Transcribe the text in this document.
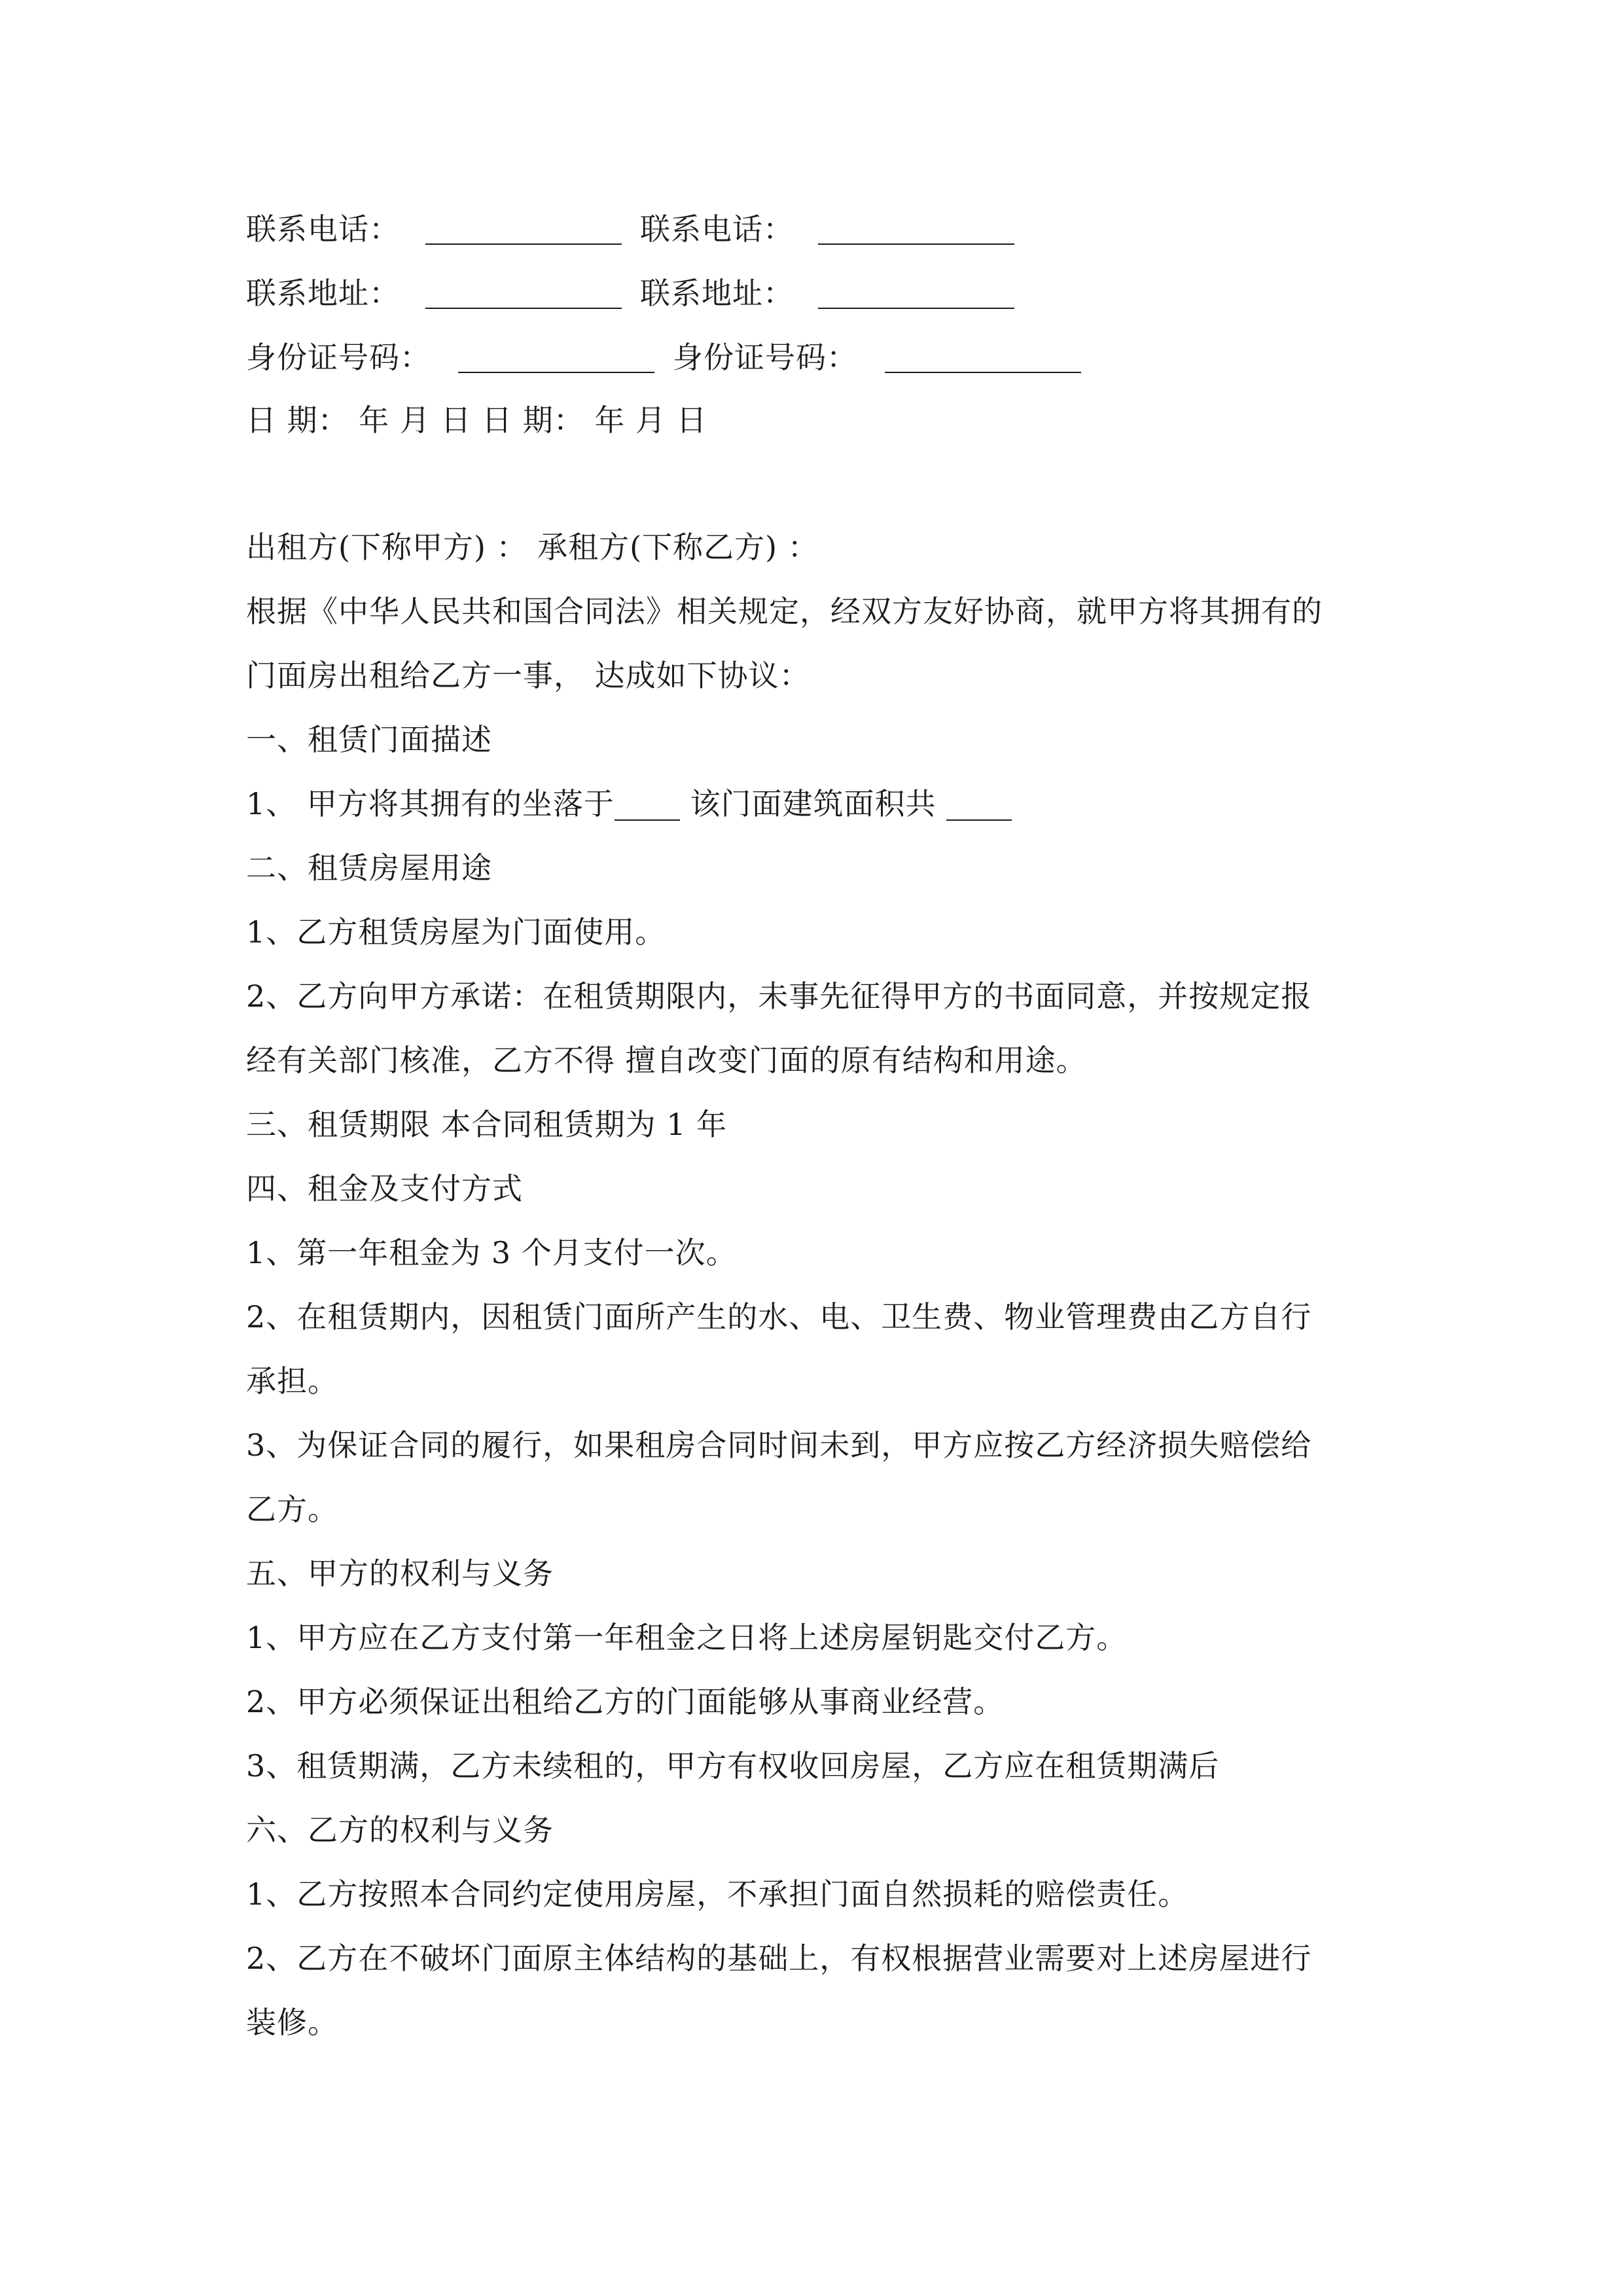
联系电话：	联系电话：
联系地址：	联系地址：
身份证号码：	身份证号码：
日 期： 年 月 日 日 期： 年 月 日
出租方(下称甲方) ： 承租方(下称乙方) ：
根据《中华人民共和国合同法》相关规定，经双方友好协商，就甲方将其拥有的
门面房出租给乙方一事， 达成如下协议：
一、租赁门面描述
1、 甲方将其拥有的坐落于 该门面建筑面积共
二、租赁房屋用途
1、乙方租赁房屋为门面使用。
2、乙方向甲方承诺：在租赁期限内，未事先征得甲方的书面同意，并按规定报
经有关部门核准，乙方不得 擅自改变门面的原有结构和用途。
三、租赁期限 本合同租赁期为 1 年
四、租金及支付方式
1、第一年租金为 3 个月支付一次。
2、在租赁期内，因租赁门面所产生的水、电、卫生费、物业管理费由乙方自行
承担。
3、为保证合同的履行，如果租房合同时间未到，甲方应按乙方经济损失赔偿给
乙方。
五、甲方的权利与义务
1、甲方应在乙方支付第一年租金之日将上述房屋钥匙交付乙方。
2、甲方必须保证出租给乙方的门面能够从事商业经营。
3、租赁期满，乙方未续租的，甲方有权收回房屋，乙方应在租赁期满后
六、乙方的权利与义务
1、乙方按照本合同约定使用房屋，不承担门面自然损耗的赔偿责任。
2、乙方在不破坏门面原主体结构的基础上，有权根据营业需要对上述房屋进行
装修。
